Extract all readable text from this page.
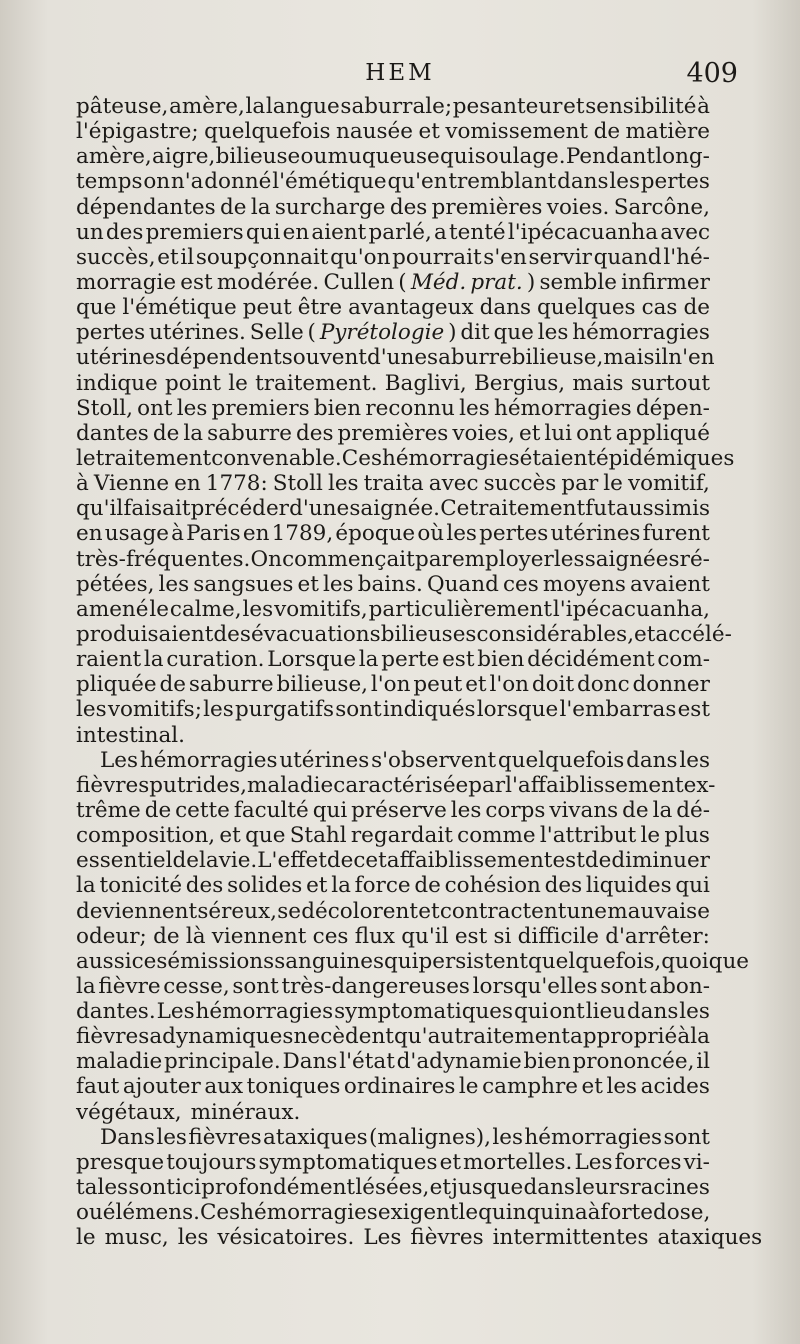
HEM	409
pâteuse, amère, la langue saburrale; pesanteur et sensibilité à
l'épigastre; quelquefois nausée et vomissement de matière
amère, aigre, bilieuse ou muqueuse qui soulage. Pendant long-
temps on n'a donné l'émétique qu'en tremblant dans les pertes
dépendantes de la surcharge des premières voies. Sarcône,
un des premiers qui en aient parlé, a tenté l'ipécacuanha avec
succès, et il soupçonnait qu'on pourrait s'en servir quand l'hé-
morragie est modérée. Cullen ( Méd. prat. ) semble infirmer
que l'émétique peut être avantageux dans quelques cas de
pertes utérines. Selle ( Pyrétologie ) dit que les hémorragies
utérines dépendent souvent d'une saburre bilieuse, mais il n'en
indique point le traitement. Baglivi, Bergius, mais surtout
Stoll, ont les premiers bien reconnu les hémorragies dépen-
dantes de la saburre des premières voies, et lui ont appliqué
le traitement convenable. Ces hémorragies étaient épidémiques
à Vienne en 1778: Stoll les traita avec succès par le vomitif,
qu'il faisait précéder d'une saignée. Ce traitement fut aussi mis
en usage à Paris en 1789, époque où les pertes utérines furent
très-fréquentes. On commençait par employer les saignées ré-
pétées, les sangsues et les bains. Quand ces moyens avaient
amené le calme, les vomitifs, particulièrement l'ipécacuanha,
produisaient des évacuations bilieuses considérables, et accélé-
raient la curation. Lorsque la perte est bien décidément com-
pliquée de saburre bilieuse, l'on peut et l'on doit donc donner
les vomitifs; les purgatifs sont indiqués lorsque l'embarras est
intestinal.
Les hémorragies utérines s'observent quelquefois dans les
fièvres putrides, maladie caractérisée par l'affaiblissement ex-
trême de cette faculté qui préserve les corps vivans de la dé-
composition, et que Stahl regardait comme l'attribut le plus
essentiel de la vie. L'effet de cet affaiblissement est de diminuer
la tonicité des solides et la force de cohésion des liquides qui
deviennent séreux, se décolorent et contractent une mauvaise
odeur; de là viennent ces flux qu'il est si difficile d'arrêter:
aussi ces émissions sanguines qui persistent quelquefois, quoique
la fièvre cesse, sont très-dangereuses lorsqu'elles sont abon-
dantes. Les hémorragies symptomatiques qui ont lieu dans les
fièvres adynamiques ne cèdent qu'au traitement approprié à la
maladie principale. Dans l'état d'adynamie bien prononcée, il
faut ajouter aux toniques ordinaires le camphre et les acides
végétaux, minéraux.
Dans les fièvres ataxiques (malignes), les hémorragies sont
presque toujours symptomatiques et mortelles. Les forces vi-
tales sont ici profondément lésées, et jusque dans leurs racines
ou élémens. Ces hémorragies exigent le quinquina à forte dose,
le musc, les vésicatoires. Les fièvres intermittentes ataxiques
